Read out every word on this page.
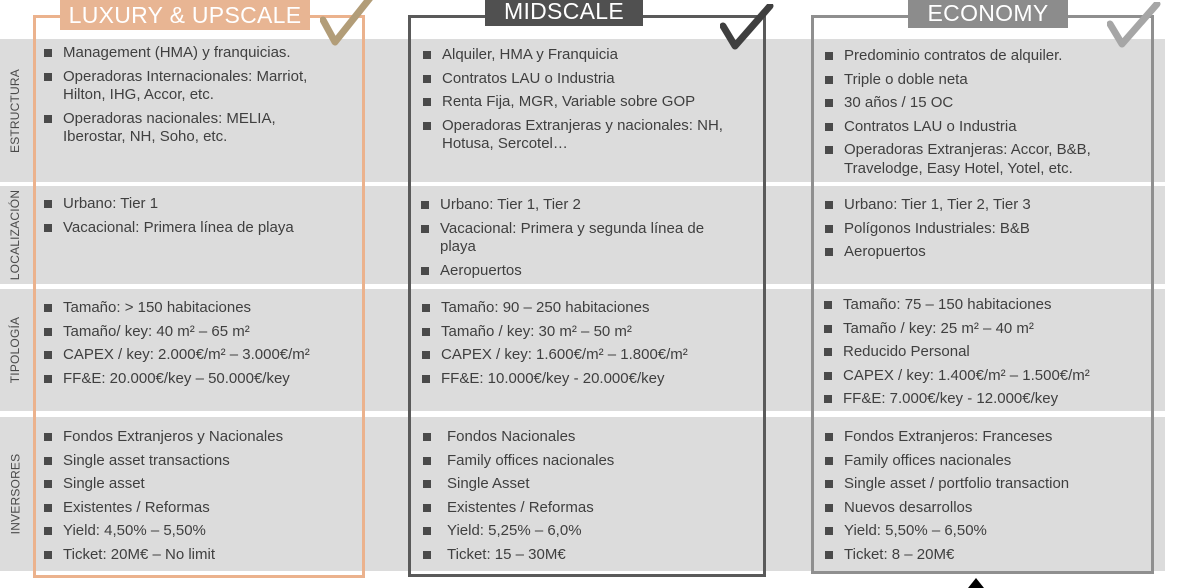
ESTRUCTURA
LOCALIZACIÓN
TIPOLOGÍA
INVERSORES
LUXURY & UPSCALE	MIDSCALE	ECONOMY
Management (HMA) y franquicias.
Operadoras Internacionales: Marriot, Hilton, IHG, Accor, etc.
Operadoras nacionales: MELIA, Iberostar, NH, Soho, etc.
Alquiler, HMA y Franquicia
Contratos LAU o Industria
Renta Fija, MGR, Variable sobre GOP
Operadoras Extranjeras y nacionales: NH, Hotusa, Sercotel…
Predominio contratos de alquiler.
Triple o doble neta
30 años / 15 OC
Contratos LAU o Industria
Operadoras Extranjeras: Accor, B&B, Travelodge, Easy Hotel, Yotel, etc.
Urbano: Tier 1
Vacacional: Primera línea de playa
Urbano: Tier 1, Tier 2
Vacacional: Primera y segunda línea de playa
Aeropuertos
Urbano: Tier 1, Tier 2, Tier 3
Polígonos Industriales: B&B
Aeropuertos
Tamaño: > 150 habitaciones
Tamaño/ key: 40 m² – 65 m²
CAPEX / key: 2.000€/m² – 3.000€/m²
FF&E: 20.000€/key – 50.000€/key
Tamaño: 90 – 250 habitaciones
Tamaño / key: 30 m² – 50 m²
CAPEX / key: 1.600€/m² – 1.800€/m²
FF&E: 10.000€/key - 20.000€/key
Tamaño: 75 – 150 habitaciones
Tamaño / key: 25 m² – 40 m²
Reducido Personal
CAPEX / key: 1.400€/m² – 1.500€/m²
FF&E: 7.000€/key - 12.000€/key
Fondos Extranjeros y Nacionales
Single asset transactions
Single asset
Existentes / Reformas
Yield: 4,50% – 5,50%
Ticket: 20M€ – No limit
Fondos Nacionales
Family offices nacionales
Single Asset
Existentes / Reformas
Yield: 5,25% – 6,0%
Ticket: 15 – 30M€
Fondos Extranjeros: Franceses
Family offices nacionales
Single asset / portfolio transaction
Nuevos desarrollos
Yield: 5,50% – 6,50%
Ticket: 8 – 20M€
